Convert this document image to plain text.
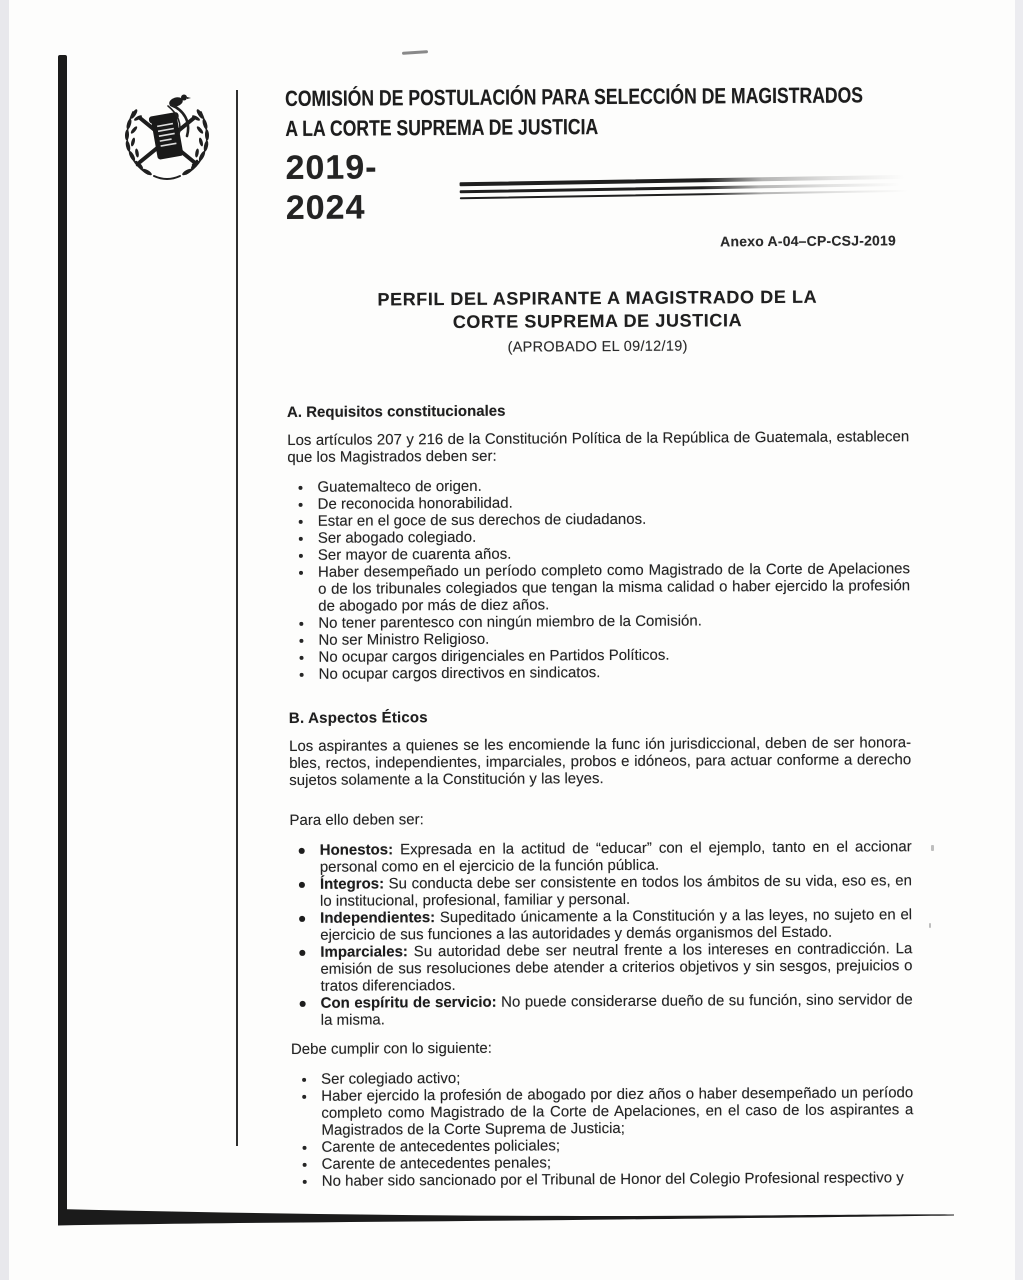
COMISIÓN DE POSTULACIÓN PARA SELECCIÓN DE MAGISTRADOS
A LA CORTE SUPREMA DE JUSTICIA
2019-2024
Anexo A-04–CP-CSJ-2019
PERFIL DEL ASPIRANTE A MAGISTRADO DE LA
CORTE SUPREMA DE JUSTICIA
(APROBADO EL 09/12/19)
A. Requisitos constitucionales

Los artículos 207 y 216 de la Constitución Política de la República de Guatemala, establecen que los Magistrados deben ser:

Guatemalteco de origen.
De reconocida honorabilidad.
Estar en el goce de sus derechos de ciudadanos.
Ser abogado colegiado.
Ser mayor de cuarenta años.
Haber desempeñado un período completo como Magistrado de la Corte de Apelaciones o de los tribunales colegiados que tengan la misma calidad o haber ejercido la profesión de abogado por más de diez años.
No tener parentesco con ningún miembro de la Comisión.
No ser Ministro Religioso.
No ocupar cargos dirigenciales en Partidos Políticos.
No ocupar cargos directivos en sindicatos.
B. Aspectos Éticos

Los aspirantes a quienes se les encomiende la func ión jurisdiccional, deben de ser honora-bles, rectos, independientes, imparciales, probos e idóneos, para actuar conforme a derecho sujetos solamente a la Constitución y las leyes.

Para ello deben ser:

Honestos: Expresada en la actitud de “educar” con el ejemplo, tanto en el accionar personal como en el ejercicio de la función pública.
Íntegros: Su conducta debe ser consistente en todos los ámbitos de su vida, eso es, en lo institucional, profesional, familiar y personal.
Independientes: Supeditado únicamente a la Constitución y a las leyes, no sujeto en el ejercicio de sus funciones a las autoridades y demás organismos del Estado.
Imparciales: Su autoridad debe ser neutral frente a los intereses en contradicción. La emisión de sus resoluciones debe atender a criterios objetivos y sin sesgos, prejuicios o tratos diferenciados.
Con espíritu de servicio: No puede considerarse dueño de su función, sino servidor de la misma.

Debe cumplir con lo siguiente:

Ser colegiado activo;
Haber ejercido la profesión de abogado por diez años o haber desempeñado un período completo como Magistrado de la Corte de Apelaciones, en el caso de los aspirantes a Magistrados de la Corte Suprema de Justicia;
Carente de antecedentes policiales;
Carente de antecedentes penales;
No haber sido sancionado por el Tribunal de Honor del Colegio Profesional respectivo y
